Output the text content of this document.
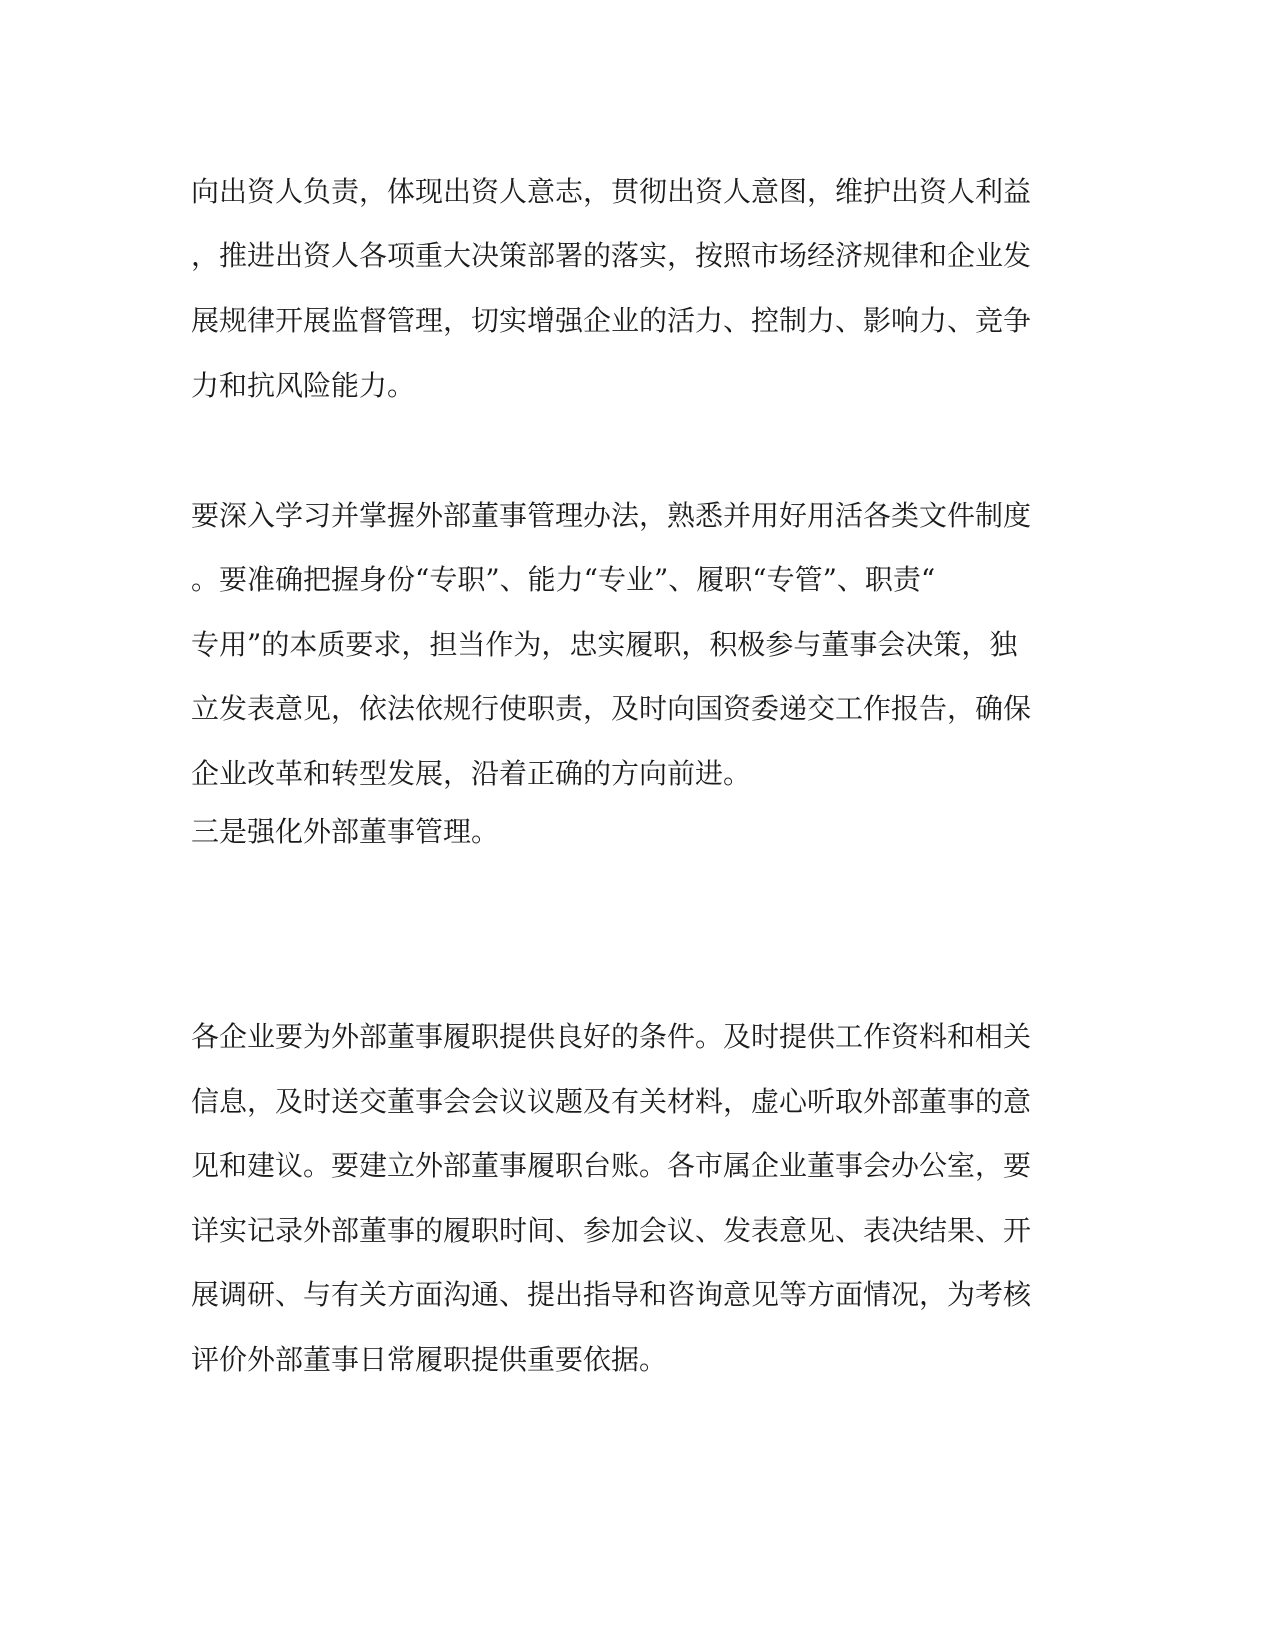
向出资人负责，体现出资人意志，贯彻出资人意图，维护出资人利益
，推进出资人各项重大决策部署的落实，按照市场经济规律和企业发
展规律开展监督管理，切实增强企业的活力、控制力、影响力、竞争
力和抗风险能力。
要深入学习并掌握外部董事管理办法，熟悉并用好用活各类文件制度
。要准确把握身份“专职”、能力“专业”、履职“专管”、职责“
专用”的本质要求，担当作为，忠实履职，积极参与董事会决策，独
立发表意见，依法依规行使职责，及时向国资委递交工作报告，确保
企业改革和转型发展，沿着正确的方向前进。
三是强化外部董事管理。
各企业要为外部董事履职提供良好的条件。及时提供工作资料和相关
信息，及时送交董事会会议议题及有关材料，虚心听取外部董事的意
见和建议。要建立外部董事履职台账。各市属企业董事会办公室，要
详实记录外部董事的履职时间、参加会议、发表意见、表决结果、开
展调研、与有关方面沟通、提出指导和咨询意见等方面情况，为考核
评价外部董事日常履职提供重要依据。
